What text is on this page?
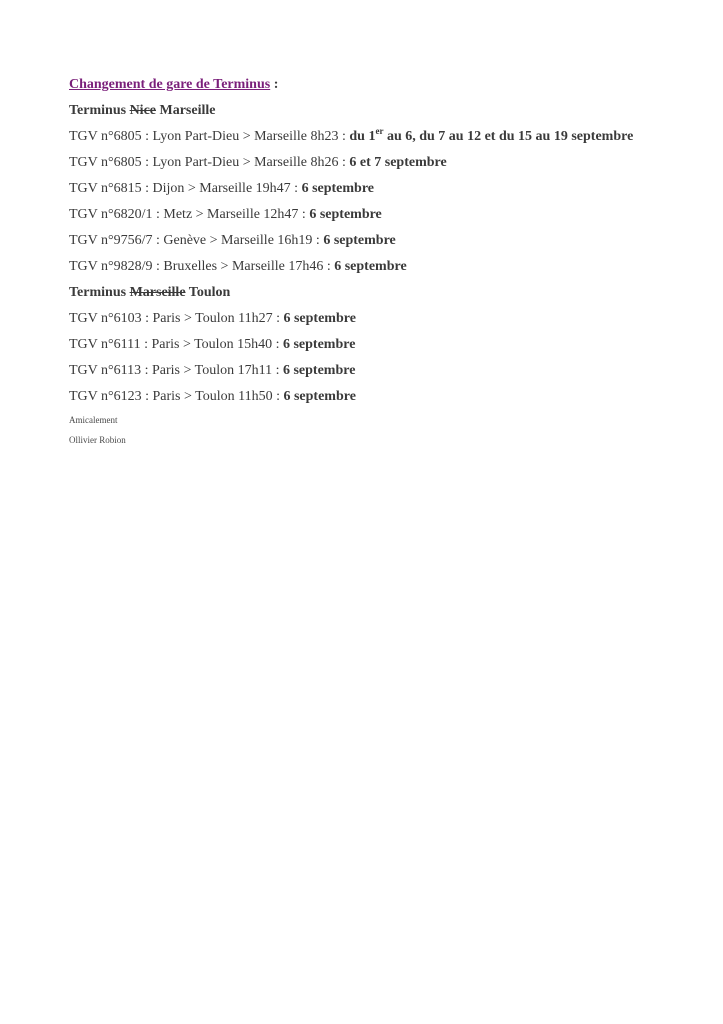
Changement de gare de Terminus :
Terminus Nice Marseille
TGV n°6805 : Lyon Part-Dieu > Marseille 8h23 : du 1er au 6, du 7 au 12 et du 15 au 19 septembre
TGV n°6805 : Lyon Part-Dieu > Marseille 8h26 : 6 et 7 septembre
TGV n°6815 : Dijon > Marseille 19h47 : 6 septembre
TGV n°6820/1 : Metz > Marseille 12h47 : 6 septembre
TGV n°9756/7 : Genève > Marseille 16h19 : 6 septembre
TGV n°9828/9 : Bruxelles > Marseille 17h46 : 6 septembre
Terminus Marseille Toulon
TGV n°6103 : Paris > Toulon 11h27 : 6 septembre
TGV n°6111 : Paris > Toulon 15h40 : 6 septembre
TGV n°6113 : Paris > Toulon 17h11 : 6 septembre
TGV n°6123 : Paris > Toulon 11h50 : 6 septembre
Amicalement
Ollivier Robion
